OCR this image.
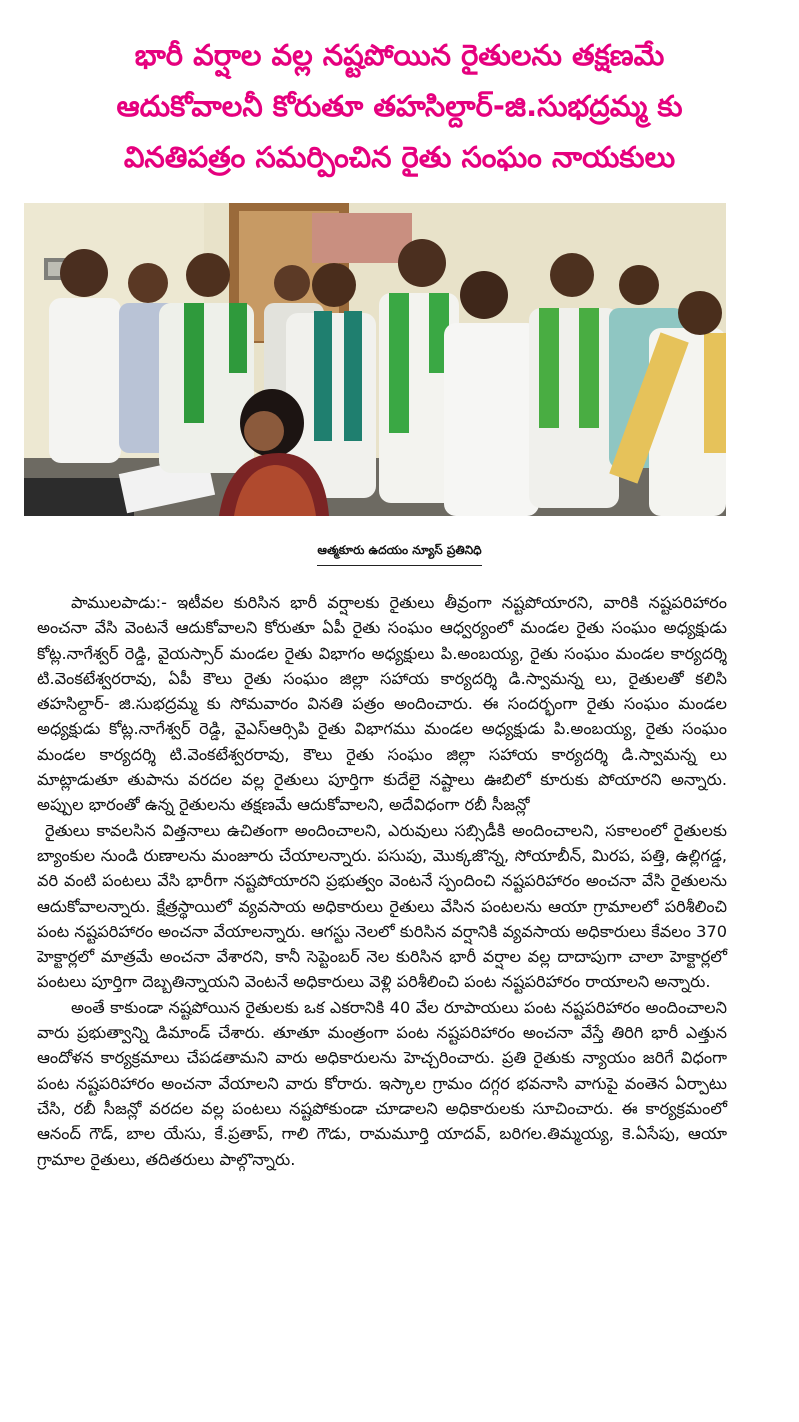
భారీ వర్షాల వల్ల నష్టపోయిన రైతులను తక్షణమే
ఆదుకోవాలనీ కోరుతూ తహసిల్దార్-జి.సుభద్రమ్మ కు
వినతిపత్రం సమర్పించిన రైతు సంఘం నాయకులు
ఆత్మకూరు ఉదయం న్యూస్ ప్రతినిధి

పాములపాడు:- ఇటీవల కురిసిన భారీ వర్షాలకు రైతులు తీవ్రంగా నష్టపోయారని, వారికి నష్టపరిహారం అంచనా వేసి వెంటనే ఆదుకోవాలని కోరుతూ ఏపీ రైతు సంఘం ఆధ్వర్యంలో మండల రైతు సంఘం అధ్యక్షుడు కోట్ల.నాగేశ్వర్ రెడ్డి, వైయస్సార్ మండల రైతు విభాగం అధ్యక్షులు పి.అంబయ్య, రైతు సంఘం మండల కార్యదర్శి టి.వెంకటేశ్వరరావు, ఏపీ కౌలు రైతు సంఘం జిల్లా సహాయ కార్యదర్శి డి.స్వామన్న లు, రైతులతో కలిసి తహసిల్దార్- జి.సుభద్రమ్మ కు సోమవారం వినతి పత్రం అందించారు. ఈ సందర్భంగా రైతు సంఘం మండల అధ్యక్షుడు కోట్ల.నాగేశ్వర్ రెడ్డి, వైఎస్ఆర్సిపి రైతు విభాగము మండల అధ్యక్షుడు పి.అంబయ్య, రైతు సంఘం మండల కార్యదర్శి టి.వెంకటేశ్వరరావు, కౌలు రైతు సంఘం జిల్లా సహాయ కార్యదర్శి డి.స్వామన్న లు మాట్లాడుతూ తుపాను వరదల వల్ల రైతులు పూర్తిగా కుదేలై నష్టాలు ఊబిలో కూరుకు పోయారని అన్నారు. అప్పుల భారంతో ఉన్న రైతులను తక్షణమే ఆదుకోవాలని, అదేవిధంగా రబీ సీజన్లో

రైతులు కావలసిన విత్తనాలు ఉచితంగా అందించాలని, ఎరువులు సబ్సిడీకి అందించాలని, సకాలంలో రైతులకు బ్యాంకుల నుండి రుణాలను మంజూరు చేయాలన్నారు. పసుపు, మొక్కజొన్న, సోయాబీన్, మిరప, పత్తి, ఉల్లిగడ్డ, వరి వంటి పంటలు వేసి భారీగా నష్టపోయారని ప్రభుత్వం వెంటనే స్పందించి నష్టపరిహారం అంచనా వేసి రైతులను ఆదుకోవాలన్నారు. క్షేత్రస్థాయిలో వ్యవసాయ అధికారులు రైతులు వేసిన పంటలను ఆయా గ్రామాలలో పరిశీలించి పంట నష్టపరిహారం అంచనా వేయాలన్నారు. ఆగస్టు నెలలో కురిసిన వర్షానికి వ్యవసాయ అధికారులు కేవలం 370 హెక్టార్లలో మాత్రమే అంచనా వేశారని, కానీ సెప్టెంబర్ నెల కురిసిన భారీ వర్షాల వల్ల దాదాపుగా చాలా హెక్టార్లలో పంటలు పూర్తిగా దెబ్బతిన్నాయని వెంటనే అధికారులు వెళ్లి పరిశీలించి పంట నష్టపరిహారం రాయాలని అన్నారు.

అంతే కాకుండా నష్టపోయిన రైతులకు ఒక ఎకరానికి 40 వేల రూపాయలు పంట నష్టపరిహారం అందించాలని వారు ప్రభుత్వాన్ని డిమాండ్ చేశారు. తూతూ మంత్రంగా పంట నష్టపరిహారం అంచనా వేస్తే తిరిగి భారీ ఎత్తున ఆందోళన కార్యక్రమాలు చేపడతామని వారు అధికారులను హెచ్చరించారు. ప్రతి రైతుకు న్యాయం జరిగే విధంగా పంట నష్టపరిహారం అంచనా వేయాలని వారు కోరారు. ఇస్కాల గ్రామం దగ్గర భవనాసి వాగుపై వంతెన ఏర్పాటు చేసి, రబీ సీజన్లో వరదల వల్ల పంటలు నష్టపోకుండా చూడాలని అధికారులకు సూచించారు. ఈ కార్యక్రమంలో ఆనంద్ గౌడ్, బాల యేసు, కే.ప్రతాప్, గాలి గౌడు, రామమూర్తి యాదవ్, బరిగల.తిమ్మయ్య, కె.ఏసేపు, ఆయా గ్రామాల రైతులు, తదితరులు పాల్గొన్నారు.
